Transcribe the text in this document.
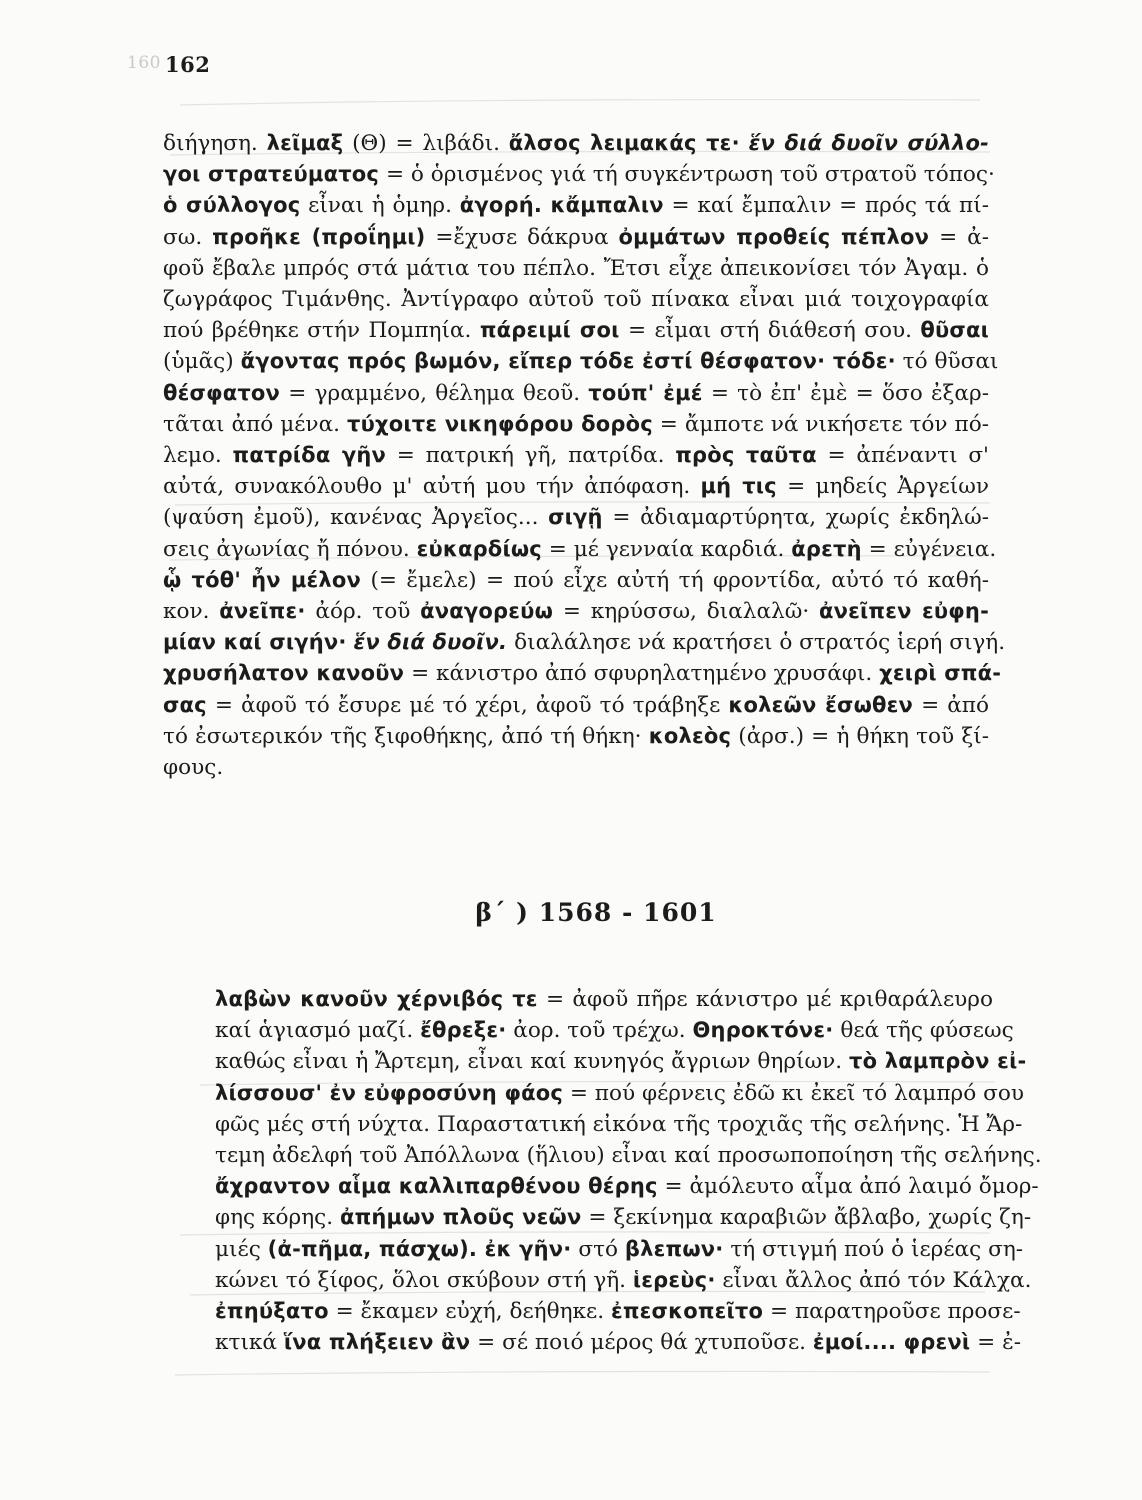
160 162
διήγηση. λεῖμαξ (Θ) = λιβάδι. ἄλσος λειμακάς τε· ἕν διά δυοῖν σύλλο-
γοι στρατεύματος = ὁ ὁρισμένος γιά τή συγκέντρωση τοῦ στρατοῦ τόπος·
ὁ σύλλογος εἶναι ἡ ὁμηρ. ἀγορή. κἄμπαλιν = καί ἔμπαλιν = πρός τά πί-
σω. προῆκε (προΐημι) =ἔχυσε δάκρυα ὀμμάτων προθείς πέπλον = ἀ-
φοῦ ἔβαλε μπρός στά μάτια του πέπλο. Ἔτσι εἶχε ἀπεικονίσει τόν Ἀγαμ. ὁ
ζωγράφος Τιμάνθης. Ἀντίγραφο αὐτοῦ τοῦ πίνακα εἶναι μιά τοιχογραφία
πού βρέθηκε στήν Πομπηία. πάρειμί σοι = εἶμαι στή διάθεσή σου. θῦσαι
(ὑμᾶς) ἄγοντας πρός βωμόν, εἴπερ τόδε ἐστί θέσφατον· τόδε· τό θῦσαι
θέσφατον = γραμμένο, θέλημα θεοῦ. τούπ' ἐμέ = τὸ ἐπ' ἐμὲ = ὅσο ἐξαρ-
τᾶται ἀπό μένα. τύχοιτε νικηφόρου δορὸς = ἄμποτε νά νικήσετε τόν πό-
λεμο. πατρίδα γῆν = πατρική γῆ, πατρίδα. πρὸς ταῦτα = ἀπέναντι σ'
αὐτά, συνακόλουθο μ' αὐτή μου τήν ἀπόφαση. μή τις = μηδείς Ἀργείων
(ψαύση ἐμοῦ), κανένας Ἀργεῖος... σιγῇ = ἀδιαμαρτύρητα, χωρίς ἐκδηλώ-
σεις ἀγωνίας ἤ πόνου. εὐκαρδίως = μέ γενναία καρδιά. ἀρετὴ = εὐγένεια.
ᾧ τόθ' ἦν μέλον (= ἔμελε) = πού εἶχε αὐτή τή φροντίδα, αὐτό τό καθή-
κον. ἀνεῖπε· ἀόρ. τοῦ ἀναγορεύω = κηρύσσω, διαλαλῶ· ἀνεῖπεν εὐφη-
μίαν καί σιγήν· ἕν διά δυοῖν. διαλάλησε νά κρατήσει ὁ στρατός ἱερή σιγή.
χρυσήλατον κανοῦν = κάνιστρο ἀπό σφυρηλατημένο χρυσάφι. χειρὶ σπά-
σας = ἀφοῦ τό ἔσυρε μέ τό χέρι, ἀφοῦ τό τράβηξε κολεῶν ἔσωθεν = ἀπό
τό ἐσωτερικόν τῆς ξιφοθήκης, ἀπό τή θήκη· κολεὸς (ἀρσ.) = ἡ θήκη τοῦ ξί-
φους.
β΄ ) 1568 - 1601
λαβὼν κανοῦν χέρνιβός τε = ἀφοῦ πῆρε κάνιστρο μέ κριθαράλευρο
καί ἁγιασμό μαζί. ἔθρεξε· ἀορ. τοῦ τρέχω. Θηροκτόνε· θεά τῆς φύσεως
καθώς εἶναι ἡ Ἄρτεμη, εἶναι καί κυνηγός ἄγριων θηρίων. τὸ λαμπρὸν εἰ-
λίσσουσ' ἐν εὐφροσύνη φάος = πού φέρνεις ἐδῶ κι ἐκεῖ τό λαμπρό σου
φῶς μές στή νύχτα. Παραστατική εἰκόνα τῆς τροχιᾶς τῆς σελήνης. Ἡ Ἄρ-
τεμη ἀδελφή τοῦ Ἀπόλλωνα (ἥλιου) εἶναι καί προσωποποίηση τῆς σελήνης.
ἄχραντον αἷμα καλλιπαρθένου θέρης = ἀμόλευτο αἷμα ἀπό λαιμό ὄμορ-
φης κόρης. ἀπήμων πλοῦς νεῶν = ξεκίνημα καραβιῶν ἄβλαβο, χωρίς ζη-
μιές (ἀ-πῆμα, πάσχω). ἐκ γῆν· στό βλεπων· τή στιγμή πού ὁ ἱερέας ση-
κώνει τό ξίφος, ὅλοι σκύβουν στή γῆ. ἱερεὺς· εἶναι ἄλλος ἀπό τόν Κάλχα.
ἐπηύξατο = ἔκαμεν εὐχή, δεήθηκε. ἐπεσκοπεῖτο = παρατηροῦσε προσε-
κτικά ἵνα πλήξειεν ἂν = σέ ποιό μέρος θά χτυποῦσε. ἐμοί.... φρενὶ = ἐ-
